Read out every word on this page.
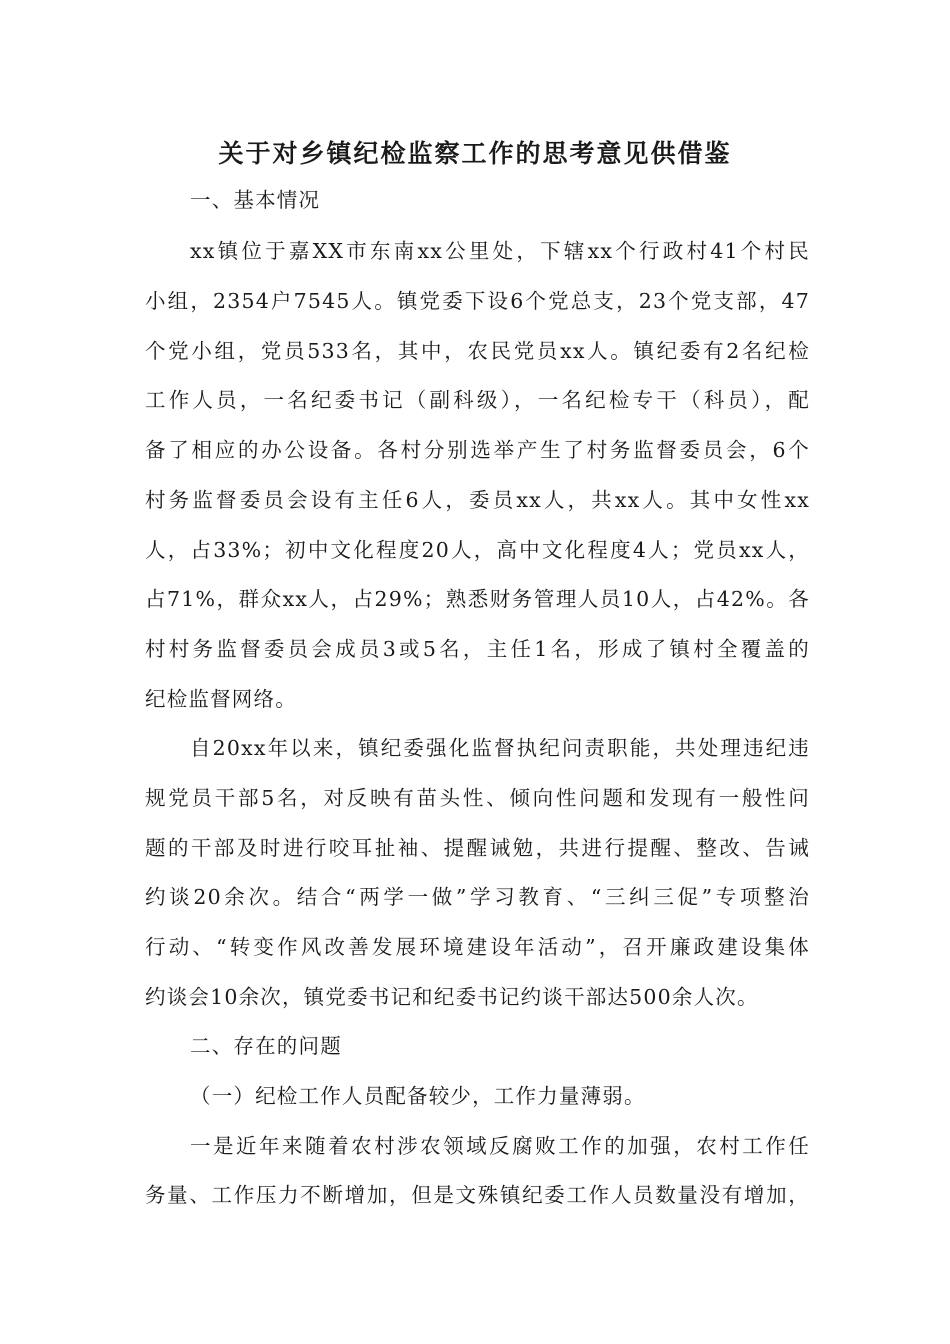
关于对乡镇纪检监察工作的思考意见供借鉴

一、基本情况

xx镇位于嘉XX市东南xx公里处，下辖xx个行政村41个村民

小组，2354户7545人。镇党委下设6个党总支，23个党支部，47

个党小组，党员533名，其中，农民党员xx人。镇纪委有2名纪检

工作人员，一名纪委书记（副科级），一名纪检专干（科员），配

备了相应的办公设备。各村分别选举产生了村务监督委员会，6个

村务监督委员会设有主任6人，委员xx人，共xx人。其中女性xx

人，占33%；初中文化程度20人，高中文化程度4人；党员xx人，

占71%，群众xx人，占29%；熟悉财务管理人员10人，占42%。各

村村务监督委员会成员3或5名，主任1名，形成了镇村全覆盖的

纪检监督网络。

自20xx年以来，镇纪委强化监督执纪问责职能，共处理违纪违

规党员干部5名，对反映有苗头性、倾向性问题和发现有一般性问

题的干部及时进行咬耳扯袖、提醒诫勉，共进行提醒、整改、告诫

约谈20余次。结合“两学一做”学习教育、“三纠三促”专项整治

行动、“转变作风改善发展环境建设年活动”，召开廉政建设集体

约谈会10余次，镇党委书记和纪委书记约谈干部达500余人次。

二、存在的问题

（一）纪检工作人员配备较少，工作力量薄弱。

一是近年来随着农村涉农领域反腐败工作的加强，农村工作任

务量、工作压力不断增加，但是文殊镇纪委工作人员数量没有增加，
